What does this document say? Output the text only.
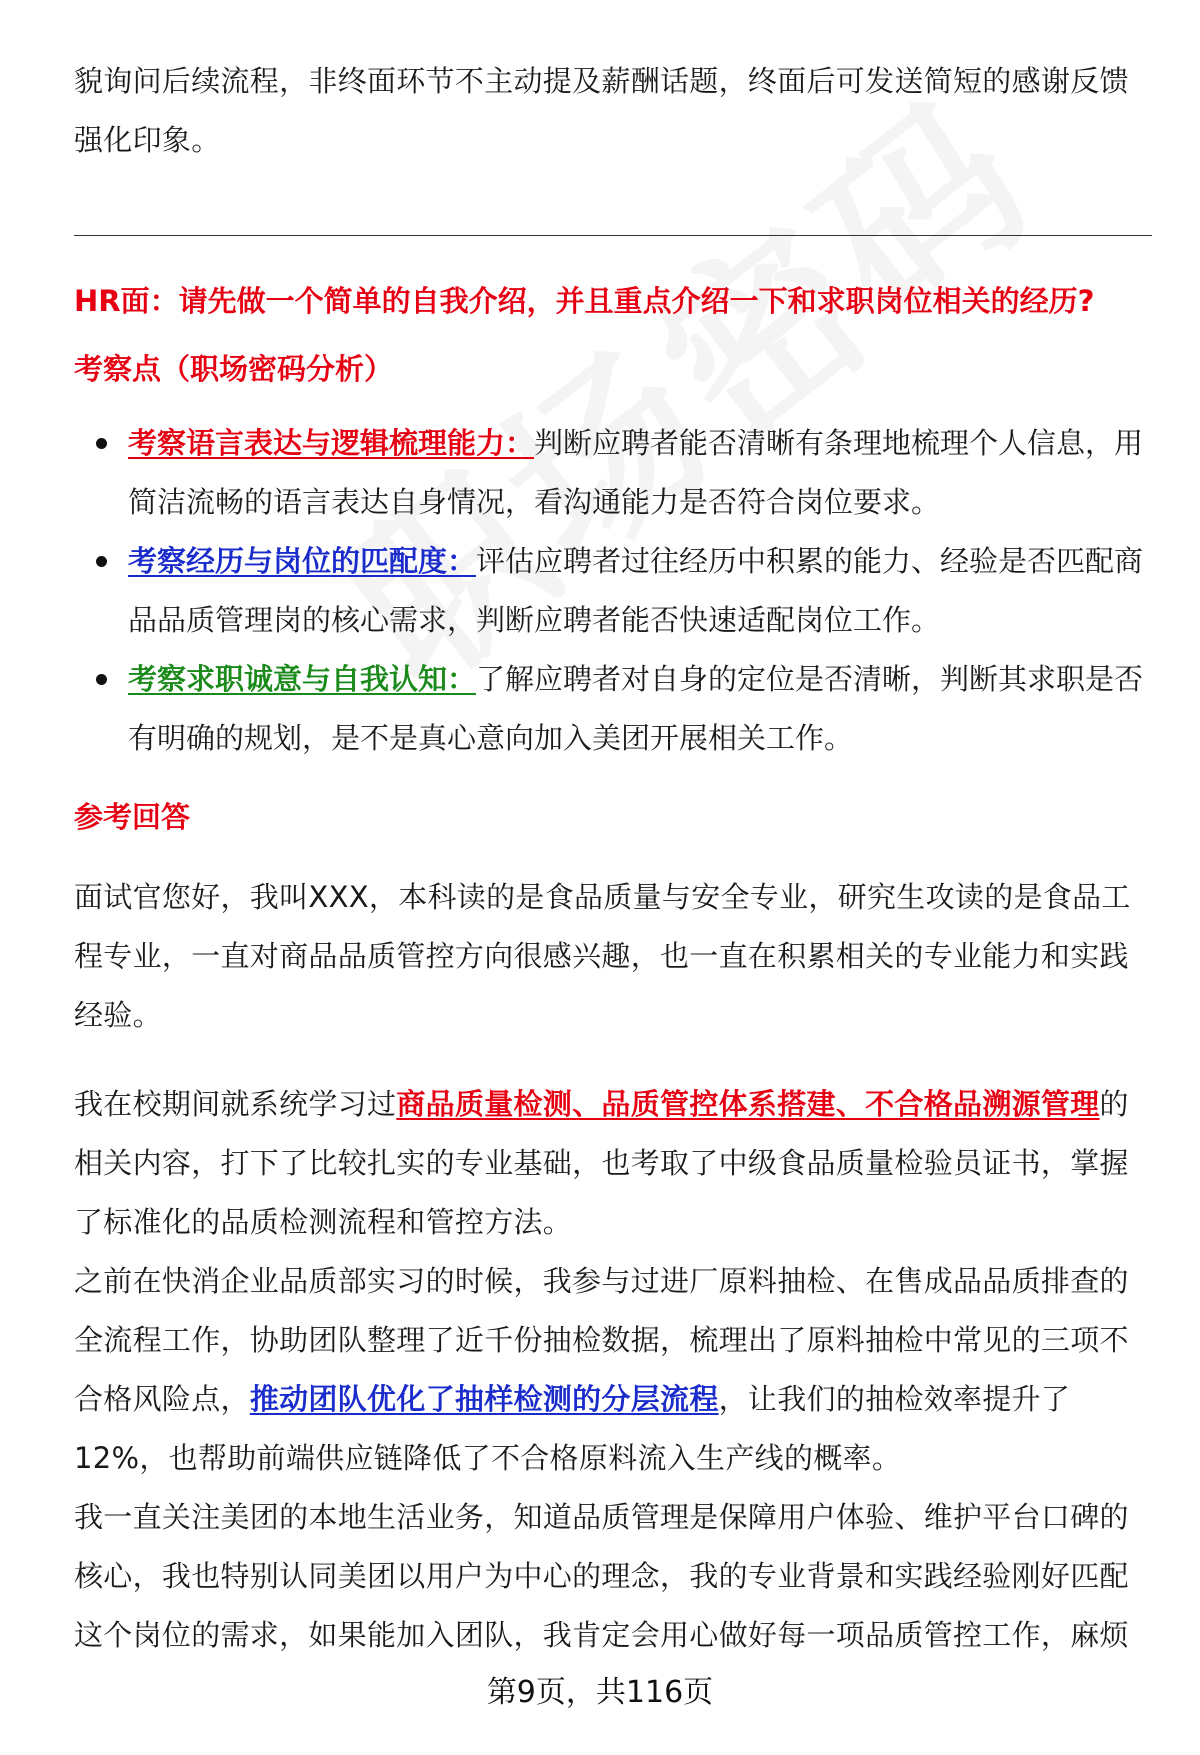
貌询问后续流程，非终面环节不主动提及薪酬话题，终面后可发送简短的感谢反馈强化印象。

HR面：请先做一个简单的自我介绍，并且重点介绍一下和求职岗位相关的经历?
考察点（职场密码分析）
考察语言表达与逻辑梳理能力：判断应聘者能否清晰有条理地梳理个人信息，用简洁流畅的语言表达自身情况，看沟通能力是否符合岗位要求。
考察经历与岗位的匹配度：评估应聘者过往经历中积累的能力、经验是否匹配商品品质管理岗的核心需求，判断应聘者能否快速适配岗位工作。
考察求职诚意与自我认知：了解应聘者对自身的定位是否清晰，判断其求职是否有明确的规划，是不是真心意向加入美团开展相关工作。
参考回答

面试官您好，我叫XXX，本科读的是食品质量与安全专业，研究生攻读的是食品工程专业，一直对商品品质管控方向很感兴趣，也一直在积累相关的专业能力和实践经验。

我在校期间就系统学习过商品质量检测、品质管控体系搭建、不合格品溯源管理的相关内容，打下了比较扎实的专业基础，也考取了中级食品质量检验员证书，掌握了标准化的品质检测流程和管控方法。

之前在快消企业品质部实习的时候，我参与过进厂原料抽检、在售成品品质排查的全流程工作，协助团队整理了近千份抽检数据，梳理出了原料抽检中常见的三项不合格风险点，推动团队优化了抽样检测的分层流程，让我们的抽检效率提升了12%，也帮助前端供应链降低了不合格原料流入生产线的概率。

我一直关注美团的本地生活业务，知道品质管理是保障用户体验、维护平台口碑的核心，我也特别认同美团以用户为中心的理念，我的专业背景和实践经验刚好匹配这个岗位的需求，如果能加入团队，我肯定会用心做好每一项品质管控工作，麻烦

第9页，共116页
